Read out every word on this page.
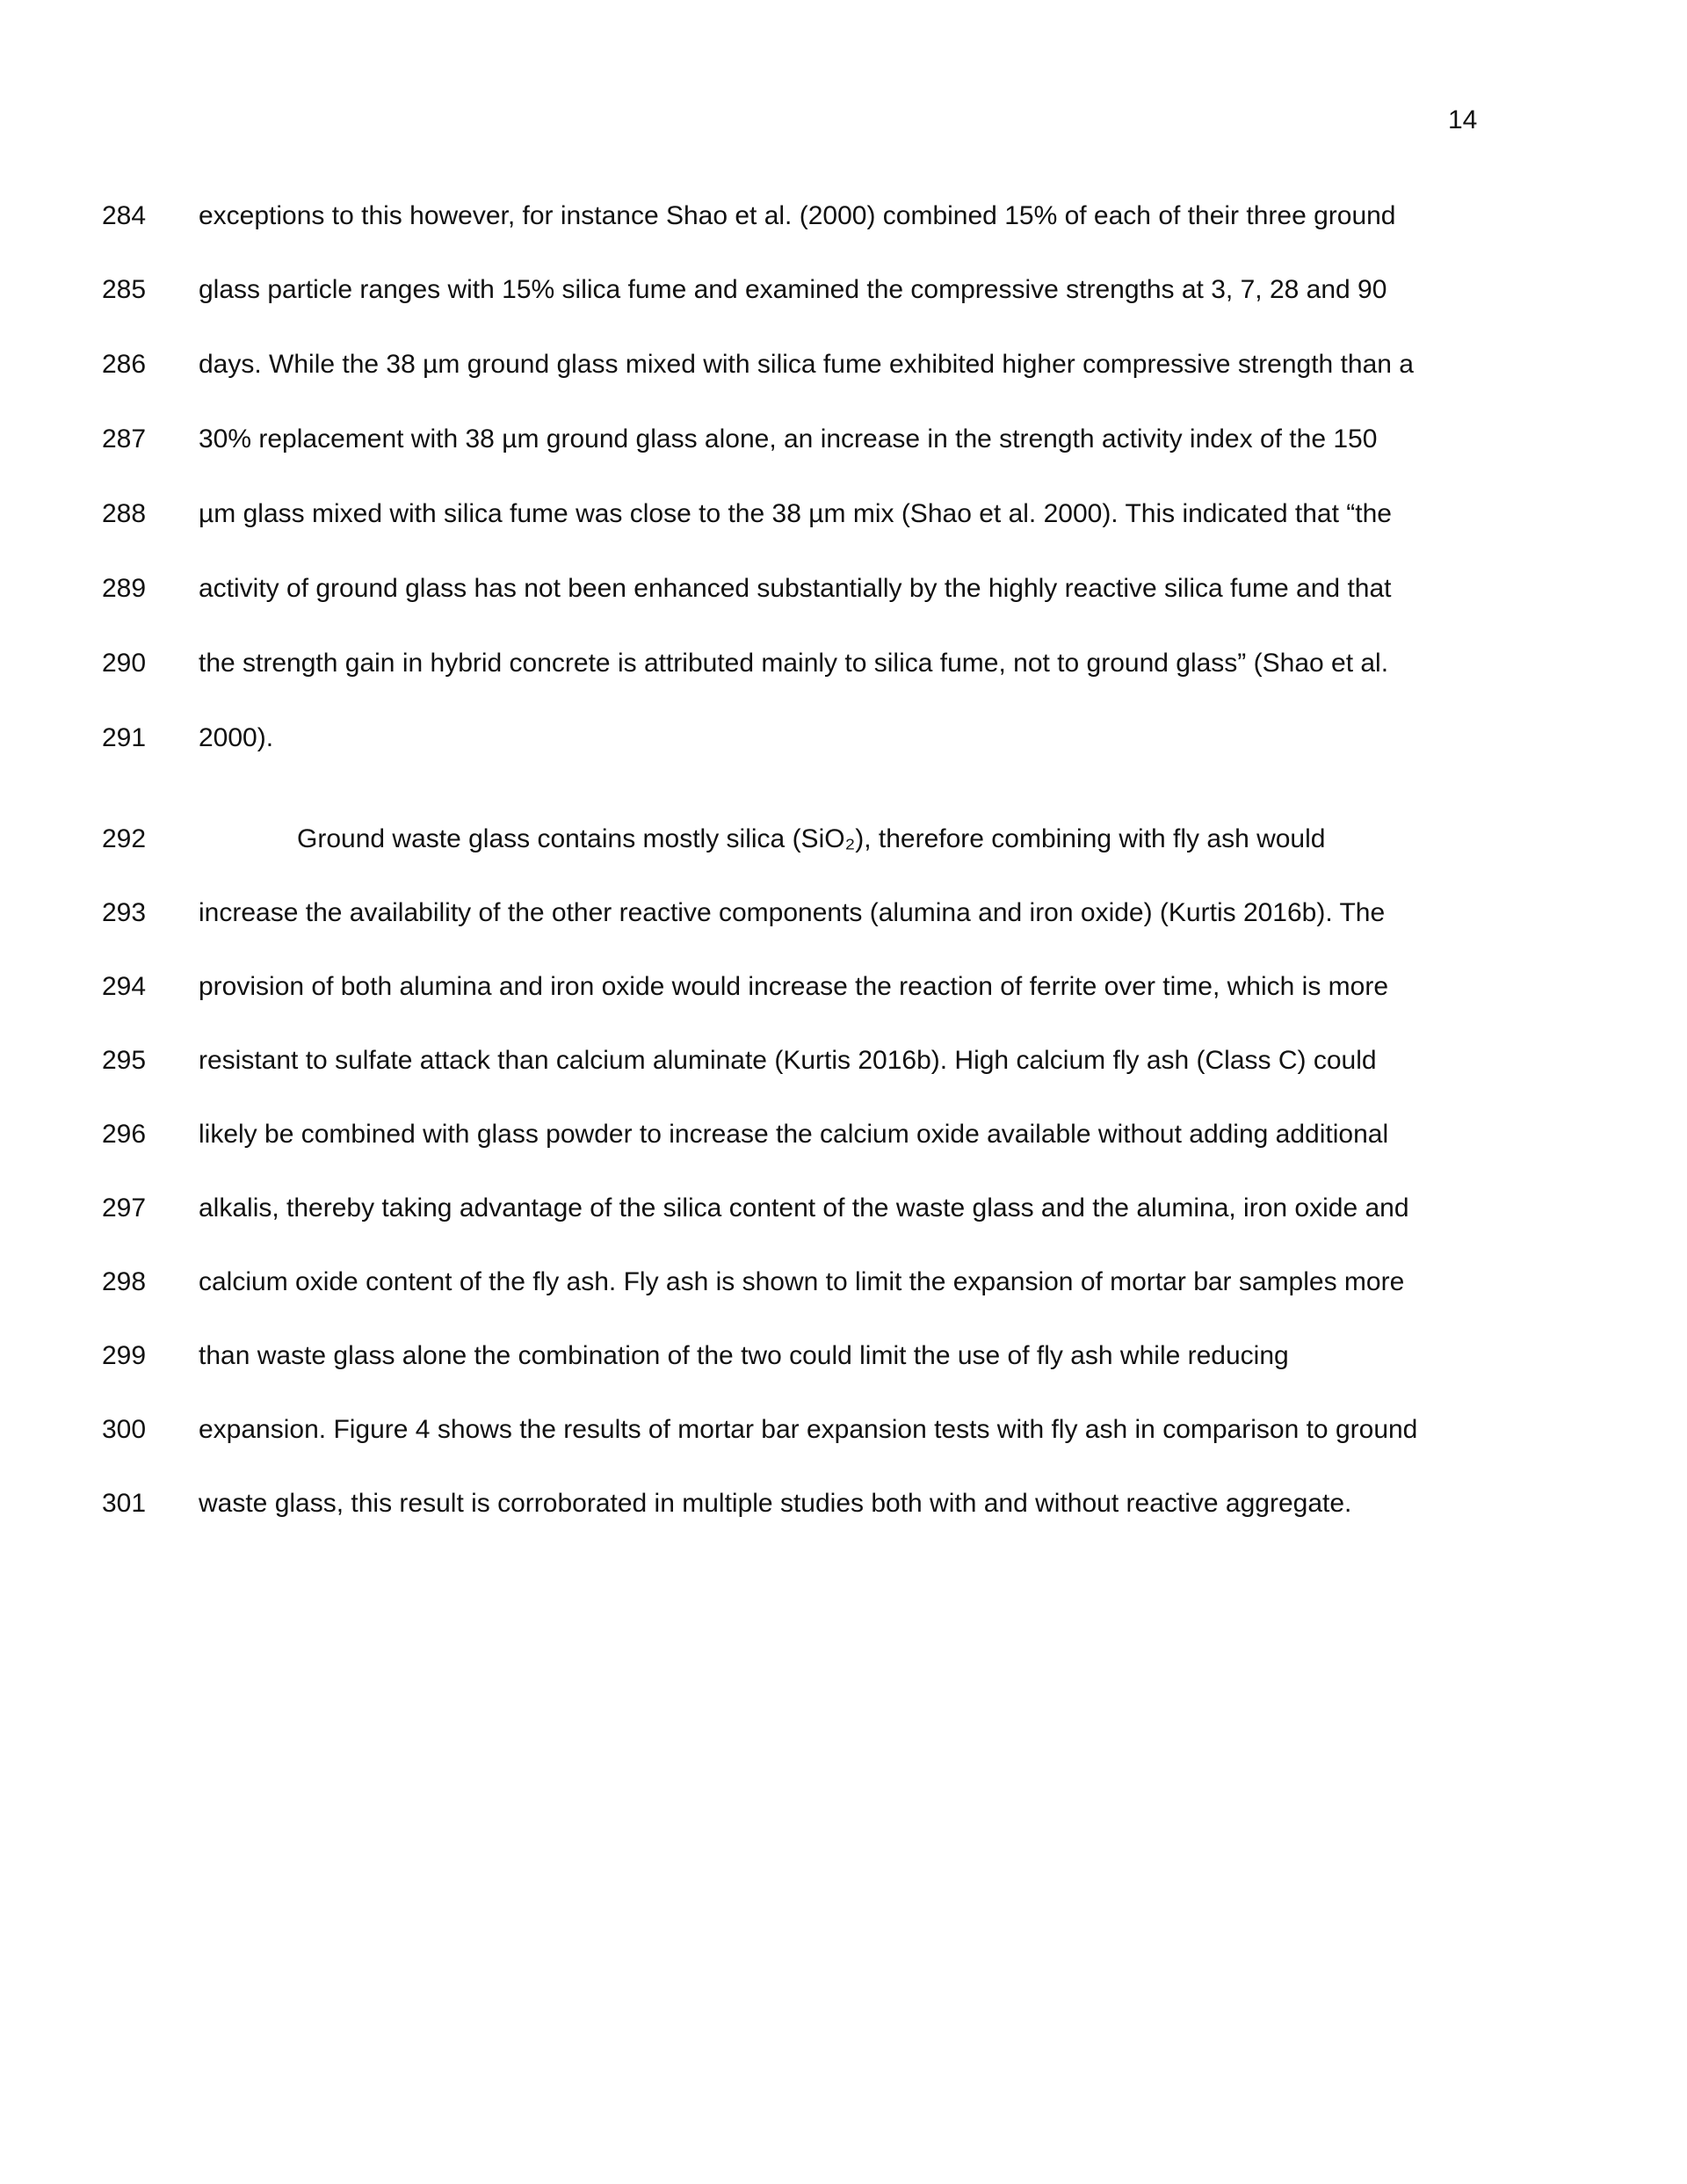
14
284	exceptions to this however, for instance Shao et al. (2000) combined 15% of each of their three ground
285	glass particle ranges with 15% silica fume and examined the compressive strengths at 3, 7, 28 and 90
286	days. While the 38 µm ground glass mixed with silica fume exhibited higher compressive strength than a
287	30% replacement with 38 µm ground glass alone, an increase in the strength activity index of the 150
288	µm glass mixed with silica fume was close to the 38 µm mix (Shao et al. 2000). This indicated that “the
289	activity of ground glass has not been enhanced substantially by the highly reactive silica fume and that
290	the strength gain in hybrid concrete is attributed mainly to silica fume, not to ground glass” (Shao et al.
291	2000).
292	Ground waste glass contains mostly silica (SiO₂), therefore combining with fly ash would
293	increase the availability of the other reactive components (alumina and iron oxide) (Kurtis 2016b). The
294	provision of both alumina and iron oxide would increase the reaction of ferrite over time, which is more
295	resistant to sulfate attack than calcium aluminate (Kurtis 2016b). High calcium fly ash (Class C) could
296	likely be combined with glass powder to increase the calcium oxide available without adding additional
297	alkalis, thereby taking advantage of the silica content of the waste glass and the alumina, iron oxide and
298	calcium oxide content of the fly ash. Fly ash is shown to limit the expansion of mortar bar samples more
299	than waste glass alone the combination of the two could limit the use of fly ash while reducing
300	expansion. Figure 4 shows the results of mortar bar expansion tests with fly ash in comparison to ground
301	waste glass, this result is corroborated in multiple studies both with and without reactive aggregate.
